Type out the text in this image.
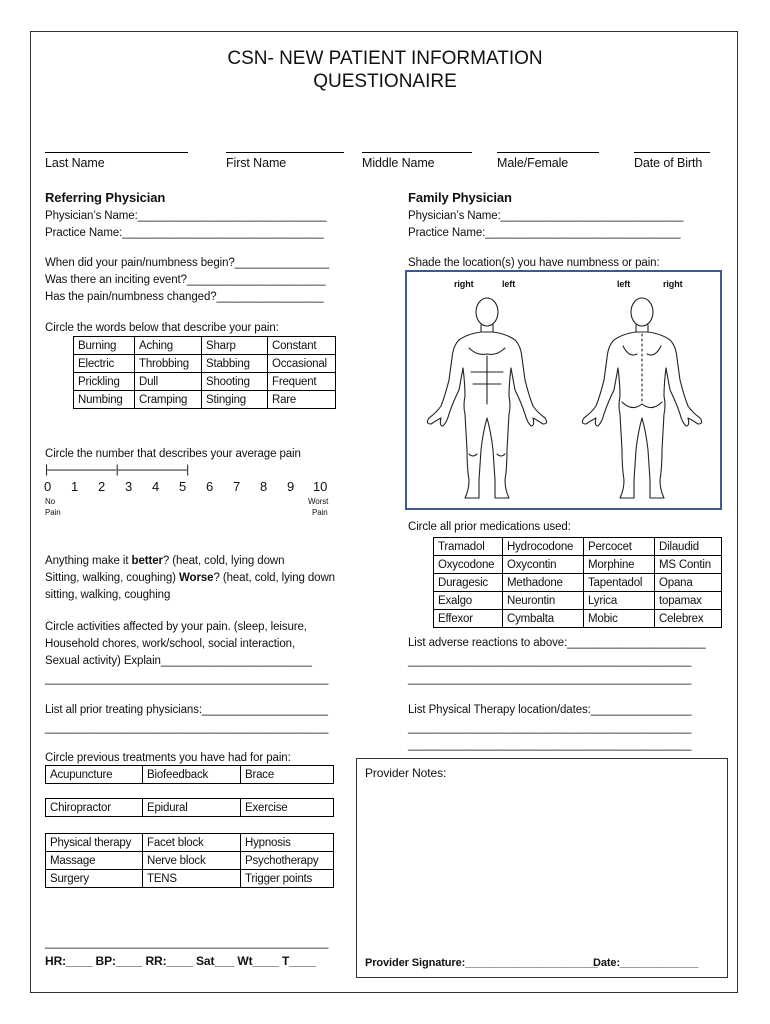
CSN- NEW PATIENT INFORMATION
QUESTIONAIRE
Last Name	First Name	Middle Name	Male/Female	Date of Birth
Referring Physician
Physician’s Name:______________________________
Practice Name:________________________________
Family Physician
Physician’s Name:_____________________________
Practice Name:_______________________________
When did your pain/numbness begin?_______________
Was there an inciting event?______________________
Has the pain/numbness changed?_________________
Shade the location(s) you have numbness or pain:
right	left	left	right
Circle the words below that describe your pain:
Burning	Aching	Sharp	Constant
Electric	Throbbing	Stabbing	Occasional
Prickling	Dull	Shooting	Frequent
Numbing	Cramping	Stinging	Rare
Circle the number that describes your average pain
|--------------------------|--------------------------|
0 1 2 3 4 5 6 7 8 9 10
No
Pain
Worst
Pain
Circle all prior medications used:
Tramadol	Hydrocodone	Percocet	Dilaudid
Oxycodone	Oxycontin	Morphine	MS Contin
Duragesic	Methadone	Tapentadol	Opana
Exalgo	Neurontin	Lyrica	topamax
Effexor	Cymbalta	Mobic	Celebrex
Anything make it better? (heat, cold, lying down
Sitting, walking, coughing) Worse? (heat, cold, lying down
sitting, walking, coughing
Circle activities affected by your pain. (sleep, leisure,
Household chores, work/school, social interaction,
Sexual activity) Explain________________________
_____________________________________________
List adverse reactions to above:______________________
_____________________________________________
_____________________________________________
List all prior treating physicians:____________________
_____________________________________________
List Physical Therapy location/dates:________________
_____________________________________________
_____________________________________________
Circle previous treatments you have had for pain:
Acupuncture	Biofeedback	Brace
Chiropractor	Epidural	Exercise
Physical therapy	Facet block	Hypnosis
Massage	Nerve block	Psychotherapy
Surgery	TENS	Trigger points
_____________________________________________
HR:____ BP:____ RR:____ Sat___ Wt____ T____
Provider Notes:
Provider Signature:______________________
Date:_____________
